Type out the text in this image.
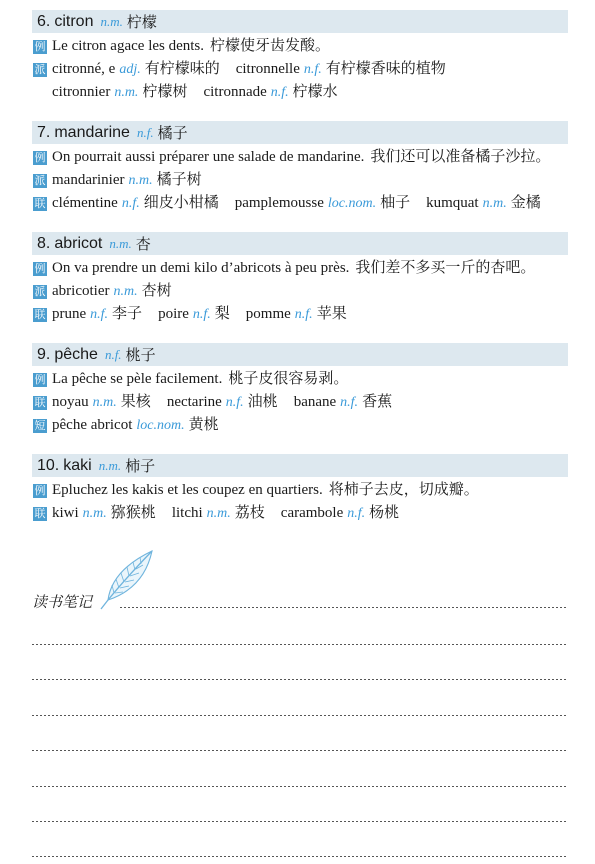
6. citron n.m. 柠檬
例 Le citron agace les dents. 柠檬使牙齿发酸。
派 citronné, e adj. 有柠檬味的 citronnelle n.f. 有柠檬香味的植物
citronnier n.m. 柠檬树 citronnade n.f. 柠檬水
7. mandarine n.f. 橘子
例 On pourrait aussi préparer une salade de mandarine. 我们还可以准备橘子沙拉。
派 mandarinier n.m. 橘子树
联 clémentine n.f. 细皮小柑橘 pamplemousse loc.nom. 柚子 kumquat n.m. 金橘
8. abricot n.m. 杏
例 On va prendre un demi kilo d’abricots à peu près. 我们差不多买一斤的杏吧。
派 abricotier n.m. 杏树
联 prune n.f. 李子 poire n.f. 梨 pomme n.f. 苹果
9. pêche n.f. 桃子
例 La pêche se pèle facilement. 桃子皮很容易剥。
联 noyau n.m. 果核 nectarine n.f. 油桃 banane n.f. 香蕉
短 pêche abricot loc.nom. 黄桃
10. kaki n.m. 柿子
例 Epluchez les kakis et les coupez en quartiers. 将柿子去皮，切成瓣。
联 kiwi n.m. 猕猴桃 litchi n.m. 荔枝 carambole n.f. 杨桃
读书笔记
